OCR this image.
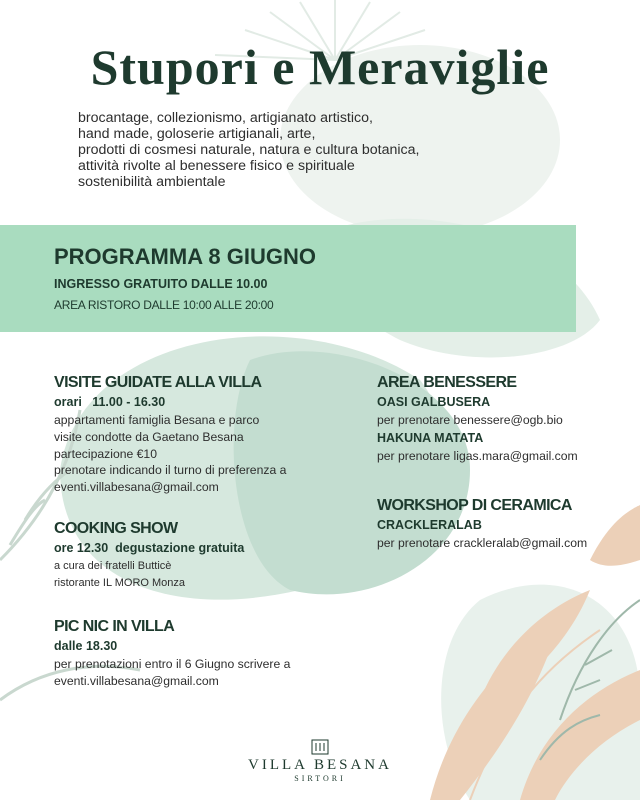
Stupori e Meraviglie
brocantage, collezionismo, artigianato artistico,
hand made, goloserie artigianali, arte,
prodotti di cosmesi naturale, natura e cultura botanica,
attività rivolte al benessere fisico e spirituale
sostenibilità ambientale
PROGRAMMA 8 GIUGNO
INGRESSO GRATUITO DALLE 10.00
AREA RISTORO DALLE 10:00 ALLE 20:00
VISITE GUIDATE ALLA VILLA
orari   11.00 - 16.30
appartamenti famiglia Besana e parco
visite condotte da Gaetano Besana
partecipazione €10
prenotare indicando il turno di preferenza a
eventi.villabesana@gmail.com
COOKING SHOW
ore 12.30  degustazione gratuita
a cura dei fratelli Butticè
ristorante IL MORO Monza
PIC NIC IN VILLA
dalle 18.30
per prenotazioni entro il 6 Giugno scrivere a
eventi.villabesana@gmail.com
AREA BENESSERE
OASI GALBUSERA
per prenotare benessere@ogb.bio
HAKUNA MATATA
per prenotare ligas.mara@gmail.com
WORKSHOP DI CERAMICA
CRACKLERALAB
per prenotare crackleralab@gmail.com
VILLA BESANA
SIRTORI
